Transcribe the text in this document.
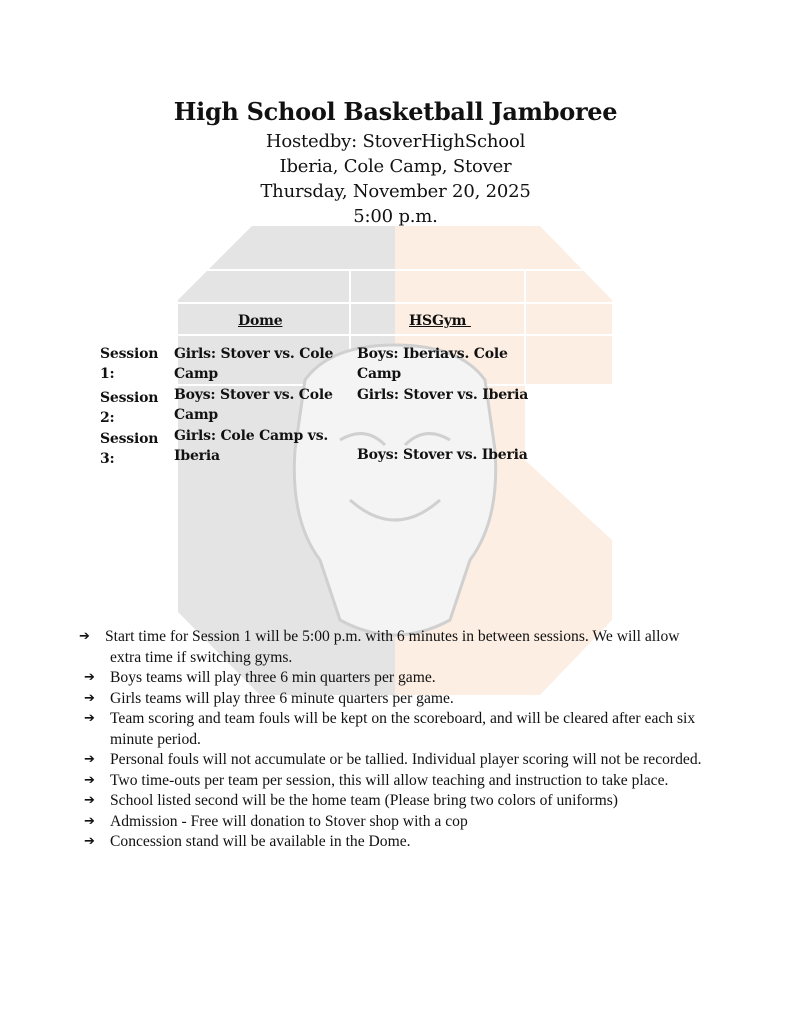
High School Basketball Jamboree
Hostedby: StoverHighSchool
Iberia, Cole Camp, Stover
Thursday, November 20, 2025
5:00 p.m.
Dome	HSGym
Session
1:
Girls: Stover vs. Cole
Camp
Boys: Iberiavs. Cole
Camp
Session
2:
Boys: Stover vs. Cole
Camp
Girls: Stover vs. Iberia
Session
3:
Girls: Cole Camp vs.
Iberia	Boys: Stover vs. Iberia
➔ Start time for Session 1 will be 5:00 p.m. with 6 minutes in between sessions. We will allow extra time if switching gyms.
➔ Boys teams will play three 6 min quarters per game.
➔ Girls teams will play three 6 minute quarters per game.
➔ Team scoring and team fouls will be kept on the scoreboard, and will be cleared after each six minute period.
➔ Personal fouls will not accumulate or be tallied. Individual player scoring will not be recorded.
➔ Two time-outs per team per session, this will allow teaching and instruction to take place.
➔ School listed second will be the home team (Please bring two colors of uniforms)
➔ Admission - Free will donation to Stover shop with a cop
➔ Concession stand will be available in the Dome.
